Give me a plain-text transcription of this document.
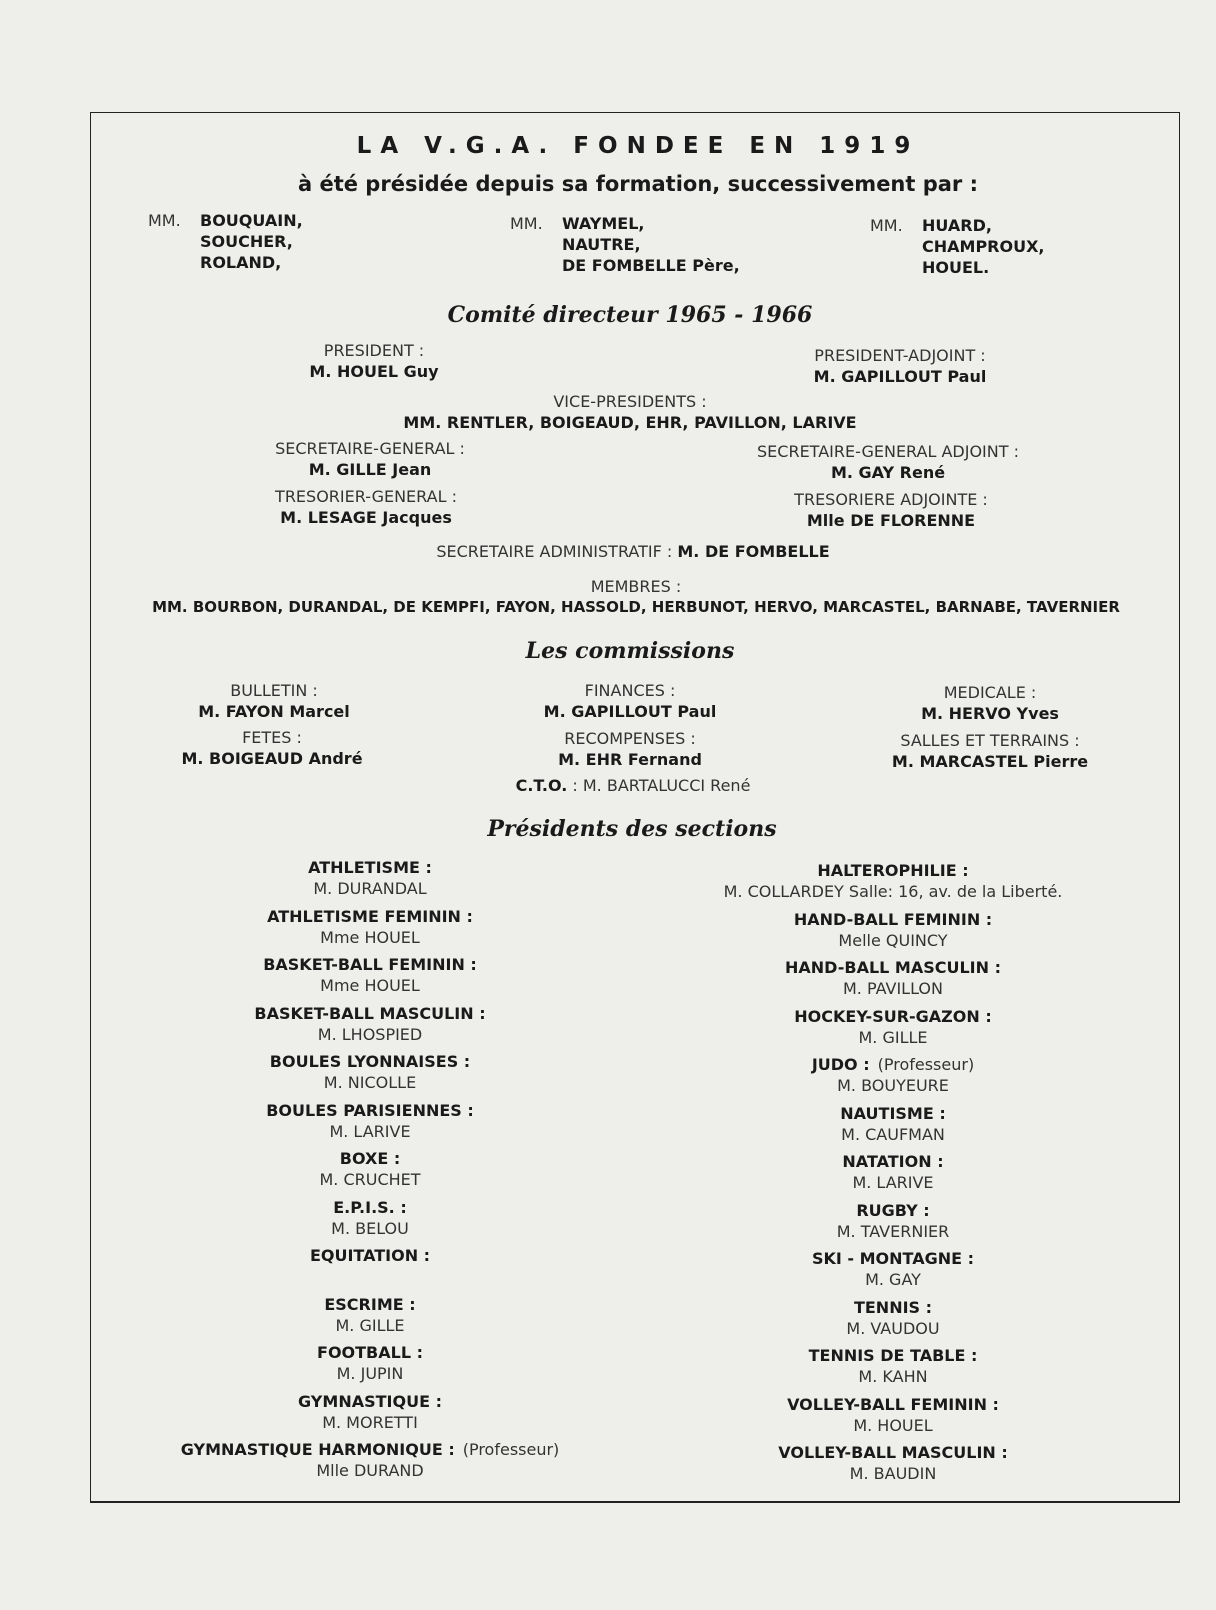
LA V.G.A. FONDEE EN 1919
à été présidée depuis sa formation, successivement par :
MM. BOUQUAIN,
SOUCHER,
ROLAND,
MM. WAYMEL,
NAUTRE,
DE FOMBELLE Père,
MM. HUARD,
CHAMPROUX,
HOUEL.
Comité directeur 1965 - 1966
PRESIDENT :
M. HOUEL Guy
PRESIDENT-ADJOINT :
M. GAPILLOUT Paul
VICE-PRESIDENTS :
MM. RENTLER, BOIGEAUD, EHR, PAVILLON, LARIVE
SECRETAIRE-GENERAL :
M. GILLE Jean
SECRETAIRE-GENERAL ADJOINT :
M. GAY René
TRESORIER-GENERAL :
M. LESAGE Jacques
TRESORIERE ADJOINTE :
Mlle DE FLORENNE
SECRETAIRE ADMINISTRATIF : M. DE FOMBELLE
MEMBRES :
MM. BOURBON, DURANDAL, DE KEMPFI, FAYON, HASSOLD, HERBUNOT, HERVO, MARCASTEL, BARNABE, TAVERNIER
Les commissions
BULLETIN :
M. FAYON Marcel
FINANCES :
M. GAPILLOUT Paul
MEDICALE :
M. HERVO Yves
FETES :
M. BOIGEAUD André
RECOMPENSES :
M. EHR Fernand
SALLES ET TERRAINS :
M. MARCASTEL Pierre
C.T.O. : M. BARTALUCCI René
Présidents des sections
ATHLETISME :
M. DURANDAL
ATHLETISME FEMININ :
Mme HOUEL
BASKET-BALL FEMININ :
Mme HOUEL
BASKET-BALL MASCULIN :
M. LHOSPIED
BOULES LYONNAISES :
M. NICOLLE
BOULES PARISIENNES :
M. LARIVE
BOXE :
M. CRUCHET
E.P.I.S. :
M. BELOU
EQUITATION :
ESCRIME :
M. GILLE
FOOTBALL :
M. JUPIN
GYMNASTIQUE :
M. MORETTI
GYMNASTIQUE HARMONIQUE : (Professeur)
Mlle DURAND
HALTEROPHILIE :
M. COLLARDEY Salle: 16, av. de la Liberté.
HAND-BALL FEMININ :
Melle QUINCY
HAND-BALL MASCULIN :
M. PAVILLON
HOCKEY-SUR-GAZON :
M. GILLE
JUDO : (Professeur)
M. BOUYEURE
NAUTISME :
M. CAUFMAN
NATATION :
M. LARIVE
RUGBY :
M. TAVERNIER
SKI - MONTAGNE :
M. GAY
TENNIS :
M. VAUDOU
TENNIS DE TABLE :
M. KAHN
VOLLEY-BALL FEMININ :
M. HOUEL
VOLLEY-BALL MASCULIN :
M. BAUDIN
